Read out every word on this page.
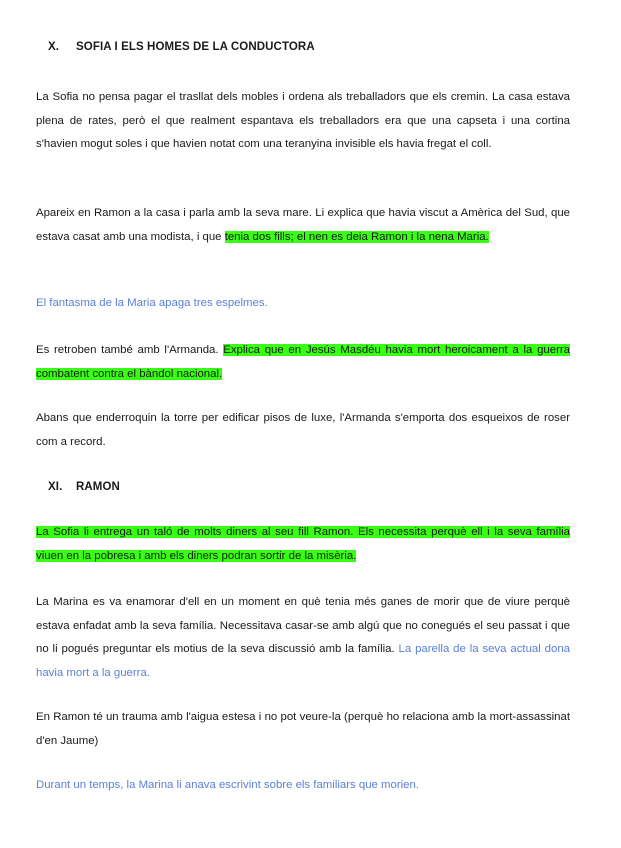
X. SOFIA I ELS HOMES DE LA CONDUCTORA
La Sofia no pensa pagar el trasllat dels mobles i ordena als treballadors que els cremin. La casa estava plena de rates, però el que realment espantava els treballadors era que una capseta i una cortina s'havien mogut soles i que havien notat com una teranyina invisible els havia fregat el coll.
Apareix en Ramon a la casa i parla amb la seva mare. Li explica que havia viscut a Amèrica del Sud, que estava casat amb una modista, i que tenia dos fills; el nen es deia Ramon i la nena Maria.
El fantasma de la Maria apaga tres espelmes.
Es retroben també amb l'Armanda. Explica que en Jesús Masdéu havia mort heroicament a la guerra combatent contra el bàndol nacional.
Abans que enderroquin la torre per edificar pisos de luxe, l'Armanda s'emporta dos esqueixos de roser com a record.
XI. RAMON
La Sofia li entrega un taló de molts diners al seu fill Ramon. Els necessita perquè ell i la seva família viuen en la pobresa i amb els diners podran sortir de la misèria.
La Marina es va enamorar d'ell en un moment en què tenia més ganes de morir que de viure perquè estava enfadat amb la seva família. Necessitava casar-se amb algú que no conegués el seu passat i que no li pogués preguntar els motius de la seva discussió amb la família. La parella de la seva actual dona havia mort a la guerra.
En Ramon té un trauma amb l'aigua estesa i no pot veure-la (perquè ho relaciona amb la mort-assassinat d'en Jaume)
Durant un temps, la Marina li anava escrivint sobre els familiars que morien.
